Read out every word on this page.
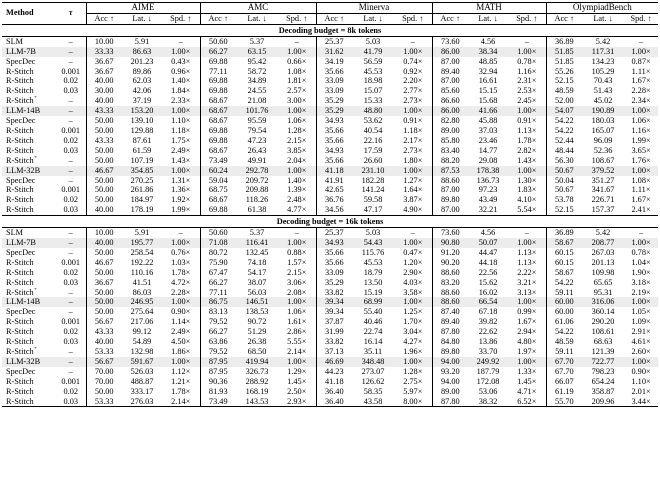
Method	τ	AIME			AMC			Minerva			MATH			OlympiadBench		
		Acc ↑	Lat. ↓	Spd. ↑	Acc ↑	Lat. ↓	Spd. ↑	Acc ↑	Lat. ↓	Spd. ↑	Acc ↑	Lat. ↓	Spd. ↑	Acc ↑	Lat. ↓	Spd. ↑
Decoding budget = 8k tokens																
SLM	–	10.00	5.91	–	50.60	5.37	–	25.37	5.03	–	73.60	4.56	–	36.89	5.42	–
LLM-7B	–	33.33	86.63	1.00×	66.27	63.15	1.00×	31.62	41.79	1.00×	86.00	38.34	1.00×	51.85	117.31	1.00×
SpecDec	–	36.67	201.23	0.43×	69.88	95.42	0.66×	34.19	56.59	0.74×	87.00	48.85	0.78×	51.85	134.23	0.87×
R-Stitch	0.001	36.67	89.86	0.96×	77.11	58.72	1.08×	35.66	45.53	0.92×	89.40	32.94	1.16×	55.26	105.29	1.11×
R-Stitch	0.02	40.00	62.03	1.40×	69.88	34.89	1.81×	33.09	18.98	2.20×	87.00	16.61	2.31×	52.15	70.43	1.67×
R-Stitch	0.03	30.00	42.06	1.84×	69.88	24.55	2.57×	33.09	15.07	2.77×	85.60	15.15	2.53×	48.59	51.43	2.28×
R-Stitch+	–	40.00	37.19	2.33×	68.67	21.08	3.00×	35.29	15.33	2.73×	86.60	15.68	2.45×	52.00	45.02	2.34×
LLM-14B	–	43.33	153.20	1.00×	68.67	101.76	1.00×	35.29	48.80	1.00×	86.00	41.66	1.00×	54.07	190.89	1.00×
SpecDec	–	50.00	139.10	1.10×	68.67	95.59	1.06×	34.93	53.62	0.91×	82.80	45.88	0.91×	54.22	180.03	1.06×
R-Stitch	0.001	50.00	129.88	1.18×	69.88	79.54	1.28×	35.66	40.54	1.18×	89.00	37.03	1.13×	54.22	165.07	1.16×
R-Stitch	0.02	43.33	87.61	1.75×	69.88	47.23	2.15×	35.66	22.16	2.17×	85.80	23.46	1.78×	52.44	96.09	1.99×
R-Stitch	0.03	50.00	61.59	2.49×	68.67	26.43	3.85×	34.93	17.59	2.73×	83.40	14.77	2.82×	48.44	52.36	3.65×
R-Stitch+	–	50.00	107.19	1.43×	73.49	49.91	2.04×	35.66	26.60	1.80×	88.20	29.08	1.43×	56.30	108.67	1.76×
LLM-32B	–	46.67	354.85	1.00×	60.24	292.78	1.00×	41.18	231.10	1.00×	87.53	178.38	1.00×	50.67	379.52	1.00×
SpecDec	–	50.00	270.25	1.31×	59.04	209.72	1.40×	41.91	182.28	1.27×	88.60	136.73	1.30×	50.04	351.27	1.08×
R-Stitch	0.001	50.00	261.86	1.36×	68.75	209.88	1.39×	42.65	141.24	1.64×	87.00	97.23	1.83×	50.67	341.67	1.11×
R-Stitch	0.02	50.00	184.97	1.92×	68.67	118.26	2.48×	36.76	59.58	3.87×	89.80	43.49	4.10×	53.78	226.71	1.67×
R-Stitch	0.03	40.00	178.19	1.99×	69.88	61.38	4.77×	34.56	47.17	4.90×	87.00	32.21	5.54×	52.15	157.37	2.41×
Decoding budget = 16k tokens																
SLM	–	10.00	5.91	–	50.60	5.37	–	25.37	5.03	–	73.60	4.56	–	36.89	5.42	–
LLM-7B	–	40.00	195.77	1.00×	71.08	116.41	1.00×	34.93	54.43	1.00×	90.80	50.07	1.00×	58.67	208.77	1.00×
SpecDec	–	50.00	258.54	0.76×	80.72	132.45	0.88×	35.66	115.76	0.47×	91.20	44.47	1.13×	60.15	267.03	0.78×
R-Stitch	0.001	46.67	192.22	1.03×	75.90	74.18	1.57×	35.66	45.53	1.20×	90.20	44.18	1.13×	60.15	201.13	1.04×
R-Stitch	0.02	50.00	110.16	1.78×	67.47	54.17	2.15×	33.09	18.79	2.90×	88.60	22.56	2.22×	58.67	109.98	1.90×
R-Stitch	0.03	36.67	41.51	4.72×	66.27	38.07	3.06×	35.29	13.50	4.03×	83.20	15.62	3.21×	54.22	65.65	3.18×
R-Stitch+	–	50.00	86.03	2.28×	77.11	56.03	2.08×	33.82	15.19	3.58×	88.60	16.02	3.13×	59.11	95.31	2.19×
LLM-14B	–	50.00	246.95	1.00×	86.75	146.51	1.00×	39.34	68.99	1.00×	88.60	66.54	1.00×	60.00	316.06	1.00×
SpecDec	–	50.00	275.64	0.90×	83.13	138.53	1.06×	39.34	55.40	1.25×	87.40	67.18	0.99×	60.00	360.14	1.05×
R-Stitch	0.001	56.67	217.06	1.14×	79.52	90.72	1.61×	37.87	40.46	1.70×	89.40	39.82	1.67×	61.06	290.20	1.09×
R-Stitch	0.02	43.33	99.12	2.49×	66.27	51.29	2.86×	31.99	22.74	3.04×	87.80	22.62	2.94×	54.22	108.61	2.91×
R-Stitch	0.03	40.00	54.89	4.50×	63.86	26.38	5.55×	33.82	16.14	4.27×	84.80	13.86	4.80×	48.59	68.63	4.61×
R-Stitch+	–	53.33	132.98	1.86×	79.52	68.50	2.14×	37.13	35.11	1.96×	89.80	33.70	1.97×	59.11	121.39	2.60×
LLM-32B	–	56.67	591.67	1.00×	87.95	419.94	1.00×	46.69	348.48	1.00×	94.00	249.92	1.00×	67.70	722.77	1.00×
SpecDec	–	70.00	526.03	1.12×	87.95	326.73	1.29×	44.23	273.07	1.28×	93.20	187.79	1.33×	67.70	798.23	0.90×
R-Stitch	0.001	70.00	488.87	1.21×	90.36	288.92	1.45×	41.18	126.62	2.75×	94.00	172.08	1.45×	66.07	654.24	1.10×
R-Stitch	0.02	50.00	333.17	1.78×	81.93	168.19	2.50×	36.40	58.35	5.97×	89.00	53.06	4.71×	61.19	358.87	2.01×
R-Stitch	0.03	53.33	276.03	2.14×	73.49	143.53	2.93×	36.40	43.58	8.00×	87.80	38.32	6.52×	55.70	209.96	3.44×
